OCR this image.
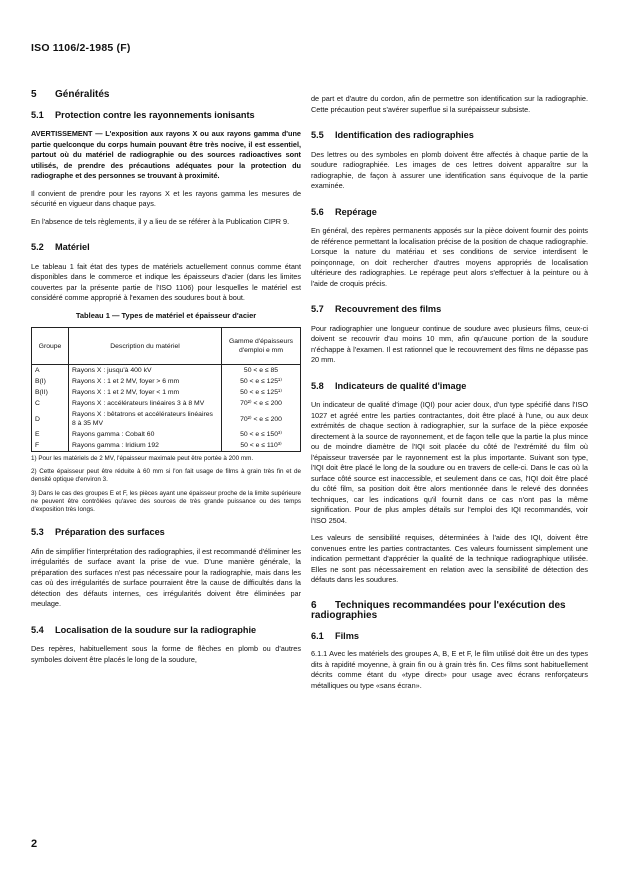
ISO 1106/2-1985 (F)
5 Généralités
5.1 Protection contre les rayonnements ionisants

AVERTISSEMENT — L'exposition aux rayons X ou aux rayons gamma d'une partie quelconque du corps humain pouvant être très nocive, il est essentiel, partout où du matériel de radiographie ou des sources radioactives sont utilisés, de prendre des précautions adéquates pour la protection du radiographe et des personnes se trouvant à proximité.

Il convient de prendre pour les rayons X et les rayons gamma les mesures de sécurité en vigueur dans chaque pays.

En l'absence de tels règlements, il y a lieu de se référer à la Publication CIPR 9.

5.2 Matériel

Le tableau 1 fait état des types de matériels actuellement connus comme étant disponibles dans le commerce et indique les épaisseurs d'acier (dans les limites couvertes par la présente partie de l'ISO 1106) pour lesquelles le matériel est considéré comme approprié à l'examen des soudures bout à bout.

Tableau 1 — Types de matériel et épaisseur d'acier
Groupe	Description du matériel	Gamme d'épaisseurs d'emploi e mm
A	Rayons X : jusqu'à 400 kV	50 < e ≤ 85
B(I)	Rayons X : 1 et 2 MV, foyer > 6 mm	50 < e ≤ 125¹⁾
B(II)	Rayons X : 1 et 2 MV, foyer < 1 mm	50 < e ≤ 125¹⁾
C	Rayons X : accélérateurs linéaires 3 à 8 MV	70²⁾ < e ≤ 200
D	Rayons X : bêtatrons et accélérateurs linéaires 8 à 35 MV	70²⁾ < e ≤ 200
E	Rayons gamma : Cobalt 60	50 < e ≤ 150³⁾
F	Rayons gamma : Iridium 192	50 < e ≤ 110³⁾

1) Pour les matériels de 2 MV, l'épaisseur maximale peut être portée à 200 mm.

2) Cette épaisseur peut être réduite à 60 mm si l'on fait usage de films à grain très fin et de densité optique d'environ 3.

3) Dans le cas des groupes E et F, les pièces ayant une épaisseur proche de la limite supérieure ne peuvent être contrôlées qu'avec des sources de très grande puissance ou des temps d'exposition très longs.

5.3 Préparation des surfaces

Afin de simplifier l'interprétation des radiographies, il est recommandé d'éliminer les irrégularités de surface avant la prise de vue. D'une manière générale, la préparation des surfaces n'est pas nécessaire pour la radiographie, mais dans les cas où des irrégularités de surface pourraient être la cause de difficultés dans la détection des défauts internes, ces irrégularités doivent être éliminées par meulage.

5.4 Localisation de la soudure sur la radiographie

Des repères, habituellement sous la forme de flèches en plomb ou d'autres symboles doivent être placés le long de la soudure,

de part et d'autre du cordon, afin de permettre son identification sur la radiographie. Cette précaution peut s'avérer superflue si la surépaisseur subsiste.

5.5 Identification des radiographies

Des lettres ou des symboles en plomb doivent être affectés à chaque partie de la soudure radiographiée. Les images de ces lettres doivent apparaître sur la radiographie, de façon à assurer une identification sans équivoque de la partie examinée.

5.6 Repérage

En général, des repères permanents apposés sur la pièce doivent fournir des points de référence permettant la localisation précise de la position de chaque radiographie. Lorsque la nature du matériau et ses conditions de service interdisent le poinçonnage, on doit rechercher d'autres moyens appropriés de localisation ultérieure des radiographies. Le repérage peut alors s'effectuer à la peinture ou à l'aide de croquis précis.

5.7 Recouvrement des films

Pour radiographier une longueur continue de soudure avec plusieurs films, ceux-ci doivent se recouvrir d'au moins 10 mm, afin qu'aucune portion de la soudure n'échappe à l'examen. Il est rationnel que le recouvrement des films ne dépasse pas 20 mm.

5.8 Indicateurs de qualité d'image

Un indicateur de qualité d'image (IQI) pour acier doux, d'un type spécifié dans l'ISO 1027 et agréé entre les parties contractantes, doit être placé à l'une, ou aux deux extrémités de chaque section à radiographier, sur la surface de la pièce exposée directement à la source de rayonnement, et de façon telle que la partie la plus mince ou de moindre diamètre de l'IQI soit placée du côté de l'extrémité du film où l'épaisseur traversée par le rayonnement est la plus importante. Suivant son type, l'IQI doit être placé le long de la soudure ou en travers de celle-ci. Dans le cas où la surface côté source est inaccessible, et seulement dans ce cas, l'IQI doit être placé du côté film, sa position doit être alors mentionnée dans le relevé des données techniques, car les indications qu'il fournit dans ce cas n'ont pas la même signification. Pour de plus amples détails sur l'emploi des IQI recommandés, voir l'ISO 2504.

Les valeurs de sensibilité requises, déterminées à l'aide des IQI, doivent être convenues entre les parties contractantes. Ces valeurs fournissent simplement une indication permettant d'apprécier la qualité de la technique radiographique utilisée. Elles ne sont pas nécessairement en relation avec la sensibilité de détection des défauts dans les soudures.

6 Techniques recommandées pour l'exécution des radiographies
6.1 Films

6.1.1 Avec les matériels des groupes A, B, E et F, le film utilisé doit être un des types dits à rapidité moyenne, à grain fin ou à grain très fin. Ces films sont habituellement décrits comme étant du «type direct» pour usage avec écrans renforçateurs métalliques ou type «sans écran».

2
